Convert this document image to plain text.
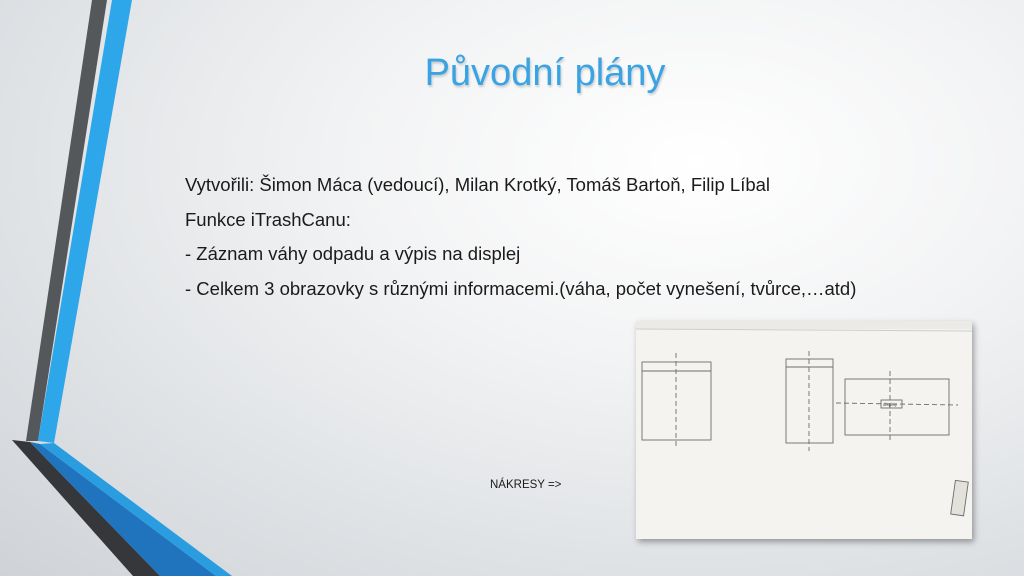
Původní plány
Vytvořili: Šimon Máca (vedoucí), Milan Krotký, Tomáš Bartoň, Filip Líbal
Funkce iTrashCanu:
- Záznam váhy odpadu a výpis na displej
- Celkem 3 obrazovky s různými informacemi.(váha, počet vynešení, tvůrce,…atd)
NÁKRESY =>
display
